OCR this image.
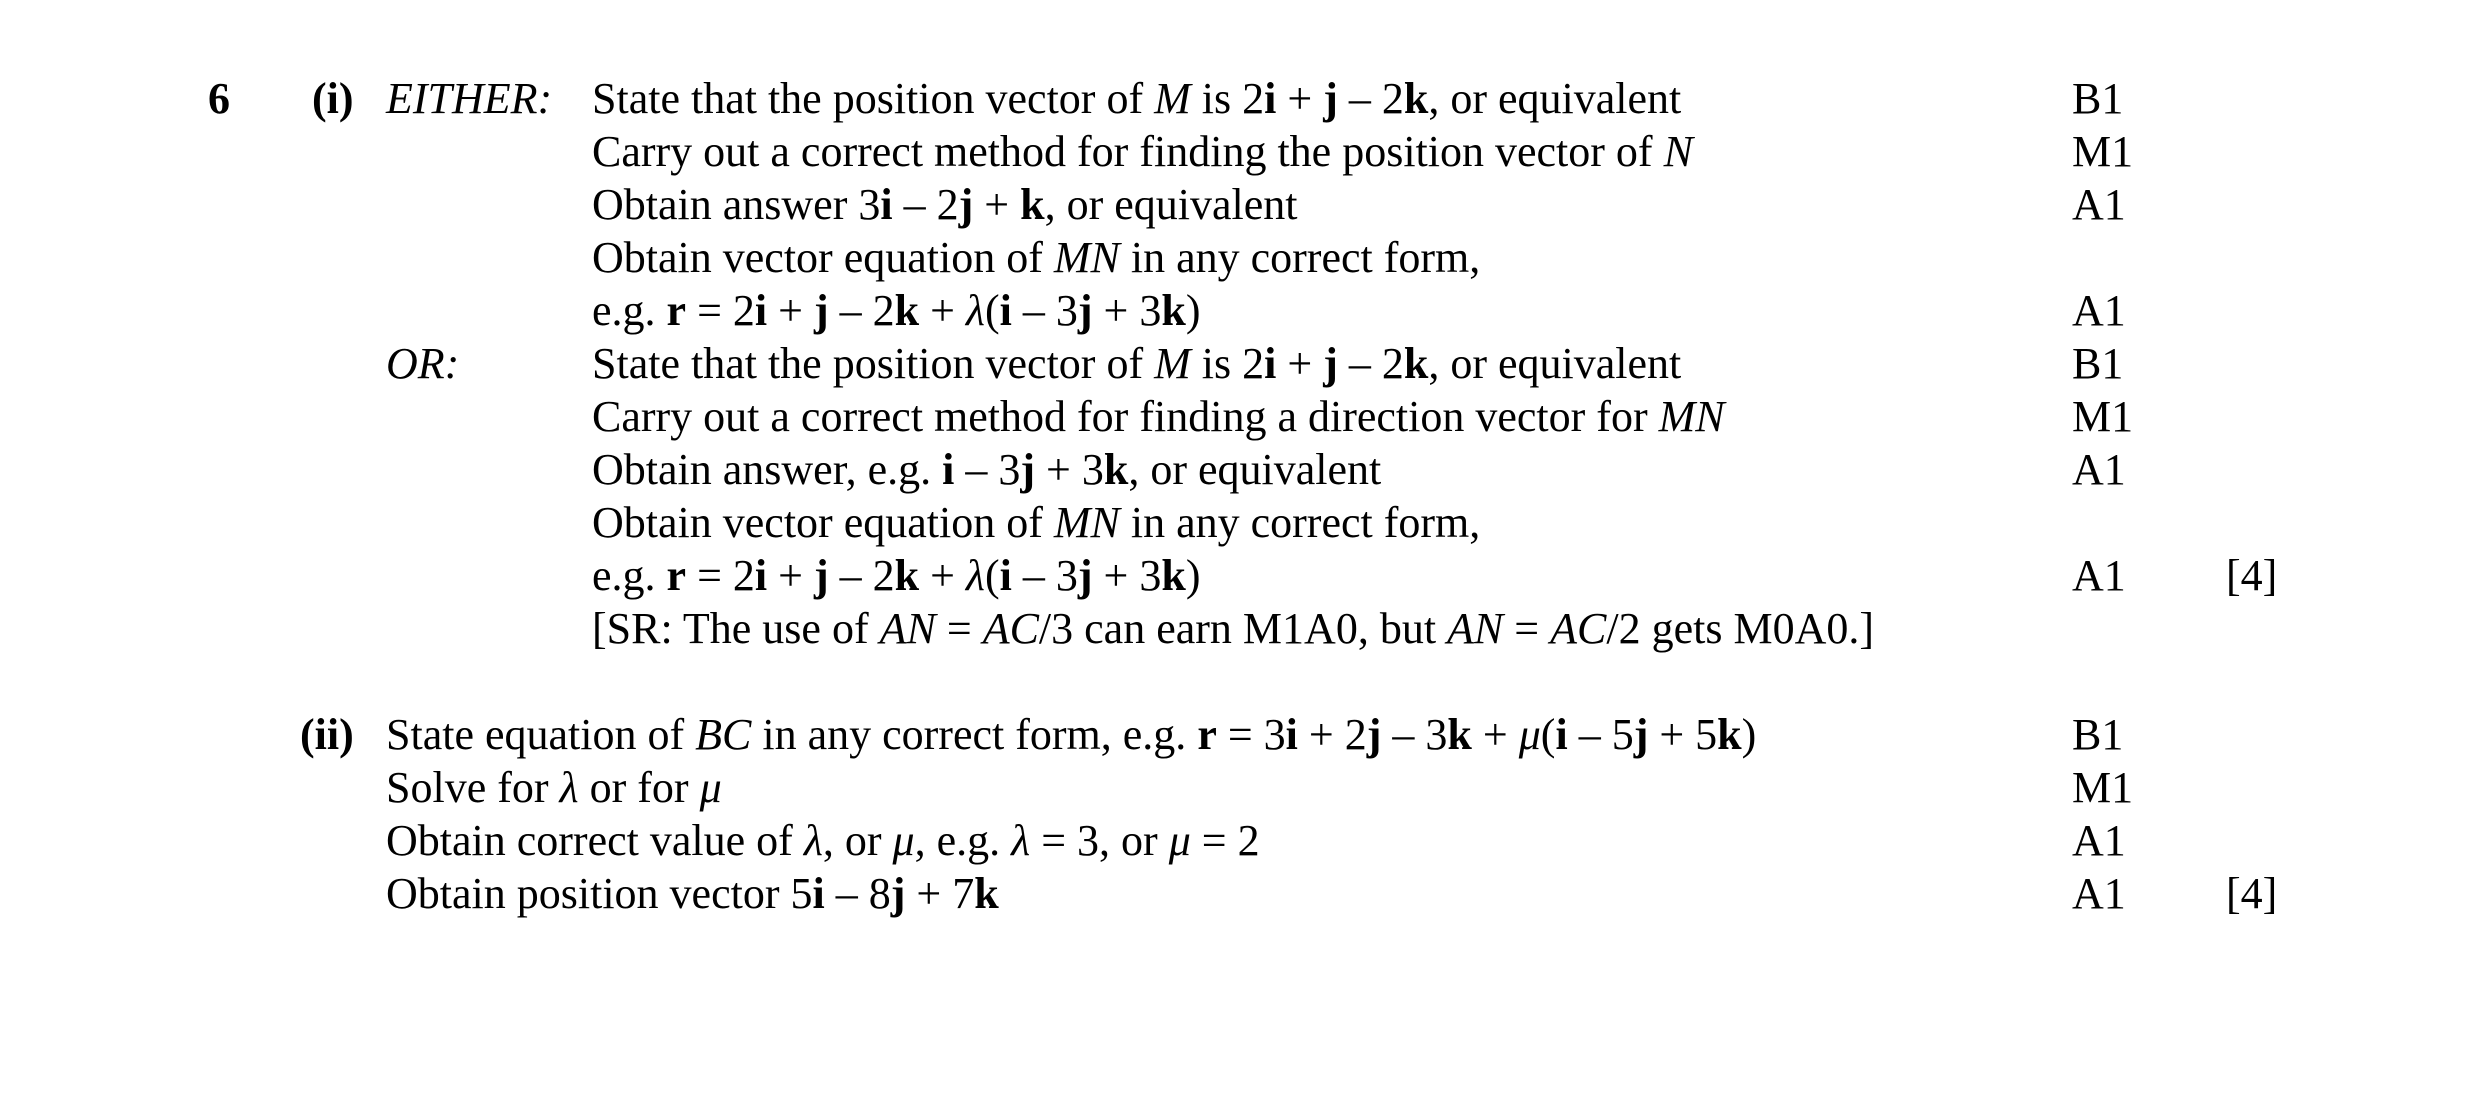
6 (i) EITHER: State that the position vector of M is 2i + j – 2k, or equivalent	B1
Carry out a correct method for finding the position vector of N	M1
Obtain answer 3i – 2j + k, or equivalent	A1
Obtain vector equation of MN in any correct form,
e.g. r = 2i + j – 2k + λ(i – 3j + 3k)	A1
OR:	State that the position vector of M is 2i + j – 2k, or equivalent	B1
Carry out a correct method for finding a direction vector for MN	M1
Obtain answer, e.g. i – 3j + 3k, or equivalent	A1
Obtain vector equation of MN in any correct form,
e.g. r = 2i + j – 2k + λ(i – 3j + 3k)	A1 [4]
[SR: The use of AN = AC/3 can earn M1A0, but AN = AC/2 gets M0A0.]
(ii) State equation of BC in any correct form, e.g. r = 3i + 2j – 3k + μ(i – 5j + 5k)	B1
Solve for λ or for μ	M1
Obtain correct value of λ, or μ, e.g. λ = 3, or μ = 2	A1
Obtain position vector 5i – 8j + 7k	A1 [4]
